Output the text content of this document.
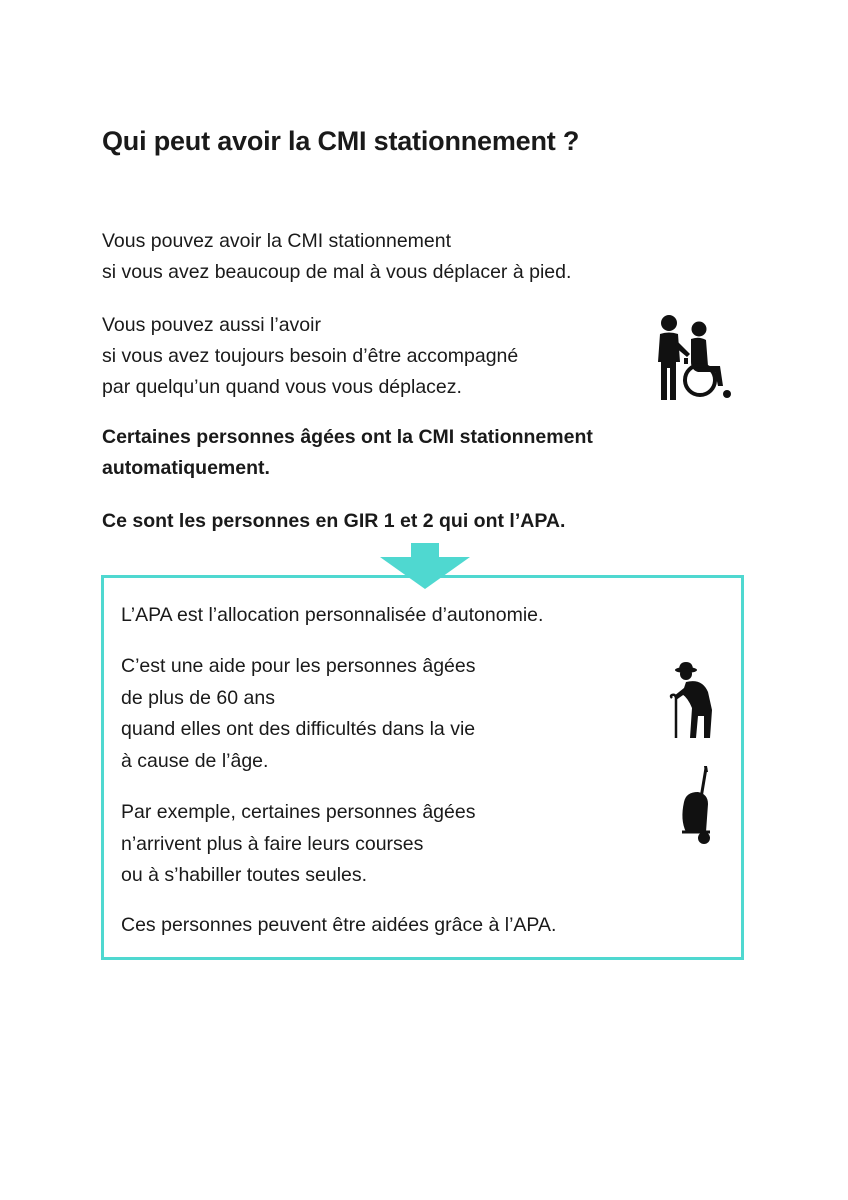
Qui peut avoir la CMI stationnement ?

Vous pouvez avoir la CMI stationnement
si vous avez beaucoup de mal à vous déplacer à pied.

Vous pouvez aussi l’avoir
si vous avez toujours besoin d’être accompagné
par quelqu’un quand vous vous déplacez.

Certaines personnes âgées ont la CMI stationnement
automatiquement.

Ce sont les personnes en GIR 1 et 2 qui ont l’APA.

L’APA est l’allocation personnalisée d’autonomie.

C’est une aide pour les personnes âgées
de plus de 60 ans
quand elles ont des difficultés dans la vie
à cause de l’âge.

Par exemple, certaines personnes âgées
n’arrivent plus à faire leurs courses
ou à s’habiller toutes seules.

Ces personnes peuvent être aidées grâce à l’APA.
